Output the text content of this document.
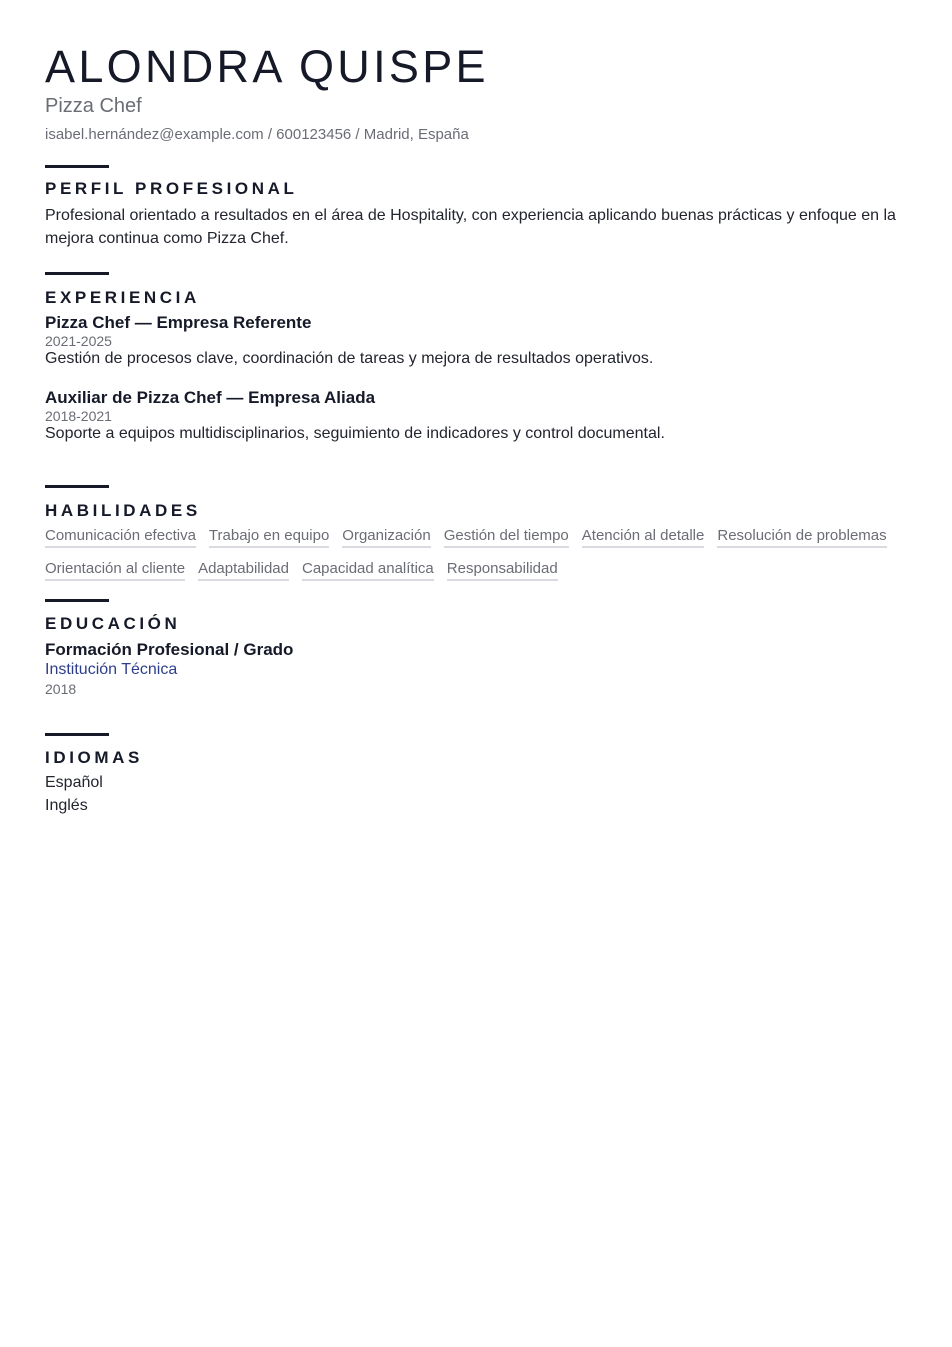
ALONDRA QUISPE
Pizza Chef
isabel.hernández@example.com / 600123456 / Madrid, España
PERFIL PROFESIONAL
Profesional orientado a resultados en el área de Hospitality, con experiencia aplicando buenas prácticas y enfoque en la mejora continua como Pizza Chef.
EXPERIENCIA
Pizza Chef — Empresa Referente
2021-2025
Gestión de procesos clave, coordinación de tareas y mejora de resultados operativos.
Auxiliar de Pizza Chef — Empresa Aliada
2018-2021
Soporte a equipos multidisciplinarios, seguimiento de indicadores y control documental.
HABILIDADES
Comunicación efectiva Trabajo en equipo Organización Gestión del tiempo Atención al detalle Resolución de problemas
Orientación al cliente Adaptabilidad Capacidad analítica Responsabilidad
EDUCACIÓN
Formación Profesional / Grado
Institución Técnica
2018
IDIOMAS
Español
Inglés
